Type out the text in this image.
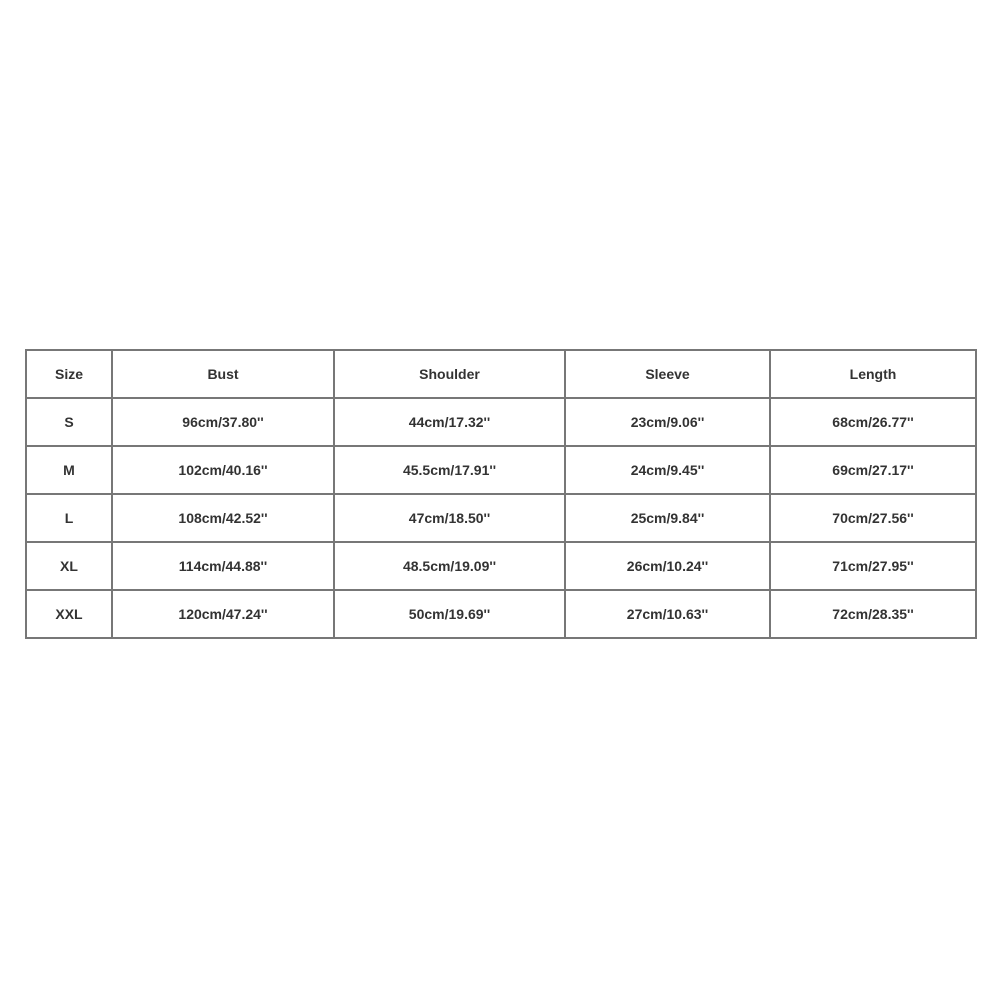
Size	Bust	Shoulder	Sleeve	Length
S	96cm/37.80''	44cm/17.32''	23cm/9.06''	68cm/26.77''
M	102cm/40.16''	45.5cm/17.91''	24cm/9.45''	69cm/27.17''
L	108cm/42.52''	47cm/18.50''	25cm/9.84''	70cm/27.56''
XL	114cm/44.88''	48.5cm/19.09''	26cm/10.24''	71cm/27.95''
XXL	120cm/47.24''	50cm/19.69''	27cm/10.63''	72cm/28.35''
